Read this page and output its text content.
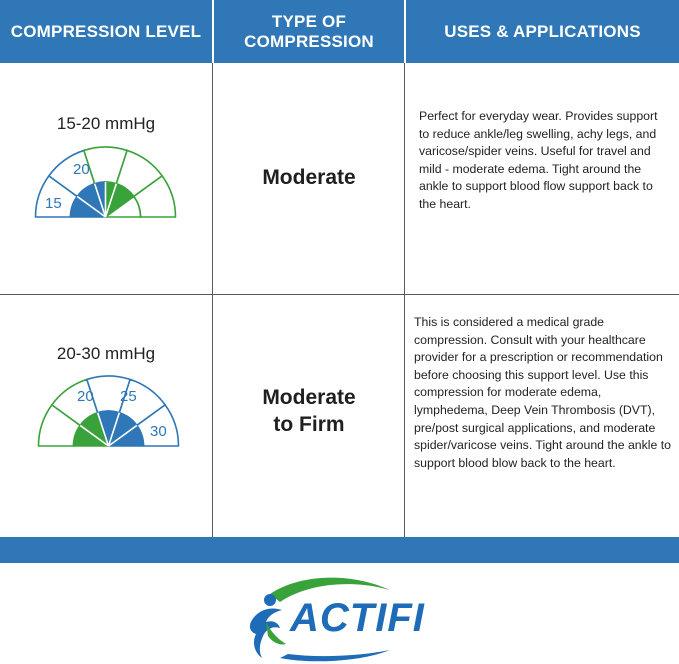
COMPRESSION LEVEL
TYPE OF
COMPRESSION
USES & APPLICATIONS
15-20 mmHg
15
20	Moderate
Perfect for everyday wear. Provides support to reduce ankle/leg swelling, achy legs, and varicose/spider veins. Useful for travel and mild - moderate edema. Tight around the ankle to support blood flow support back to the heart.
20-30 mmHg
20 25
30
Moderate
to Firm
This is considered a medical grade compression. Consult with your healthcare provider for a prescription or recommendation before choosing this support level. Use this compression for moderate edema, lymphedema, Deep Vein Thrombosis (DVT), pre/post surgical applications, and moderate spider/varicose veins. Tight around the ankle to support blood blow back to the heart.
ACTIFI
